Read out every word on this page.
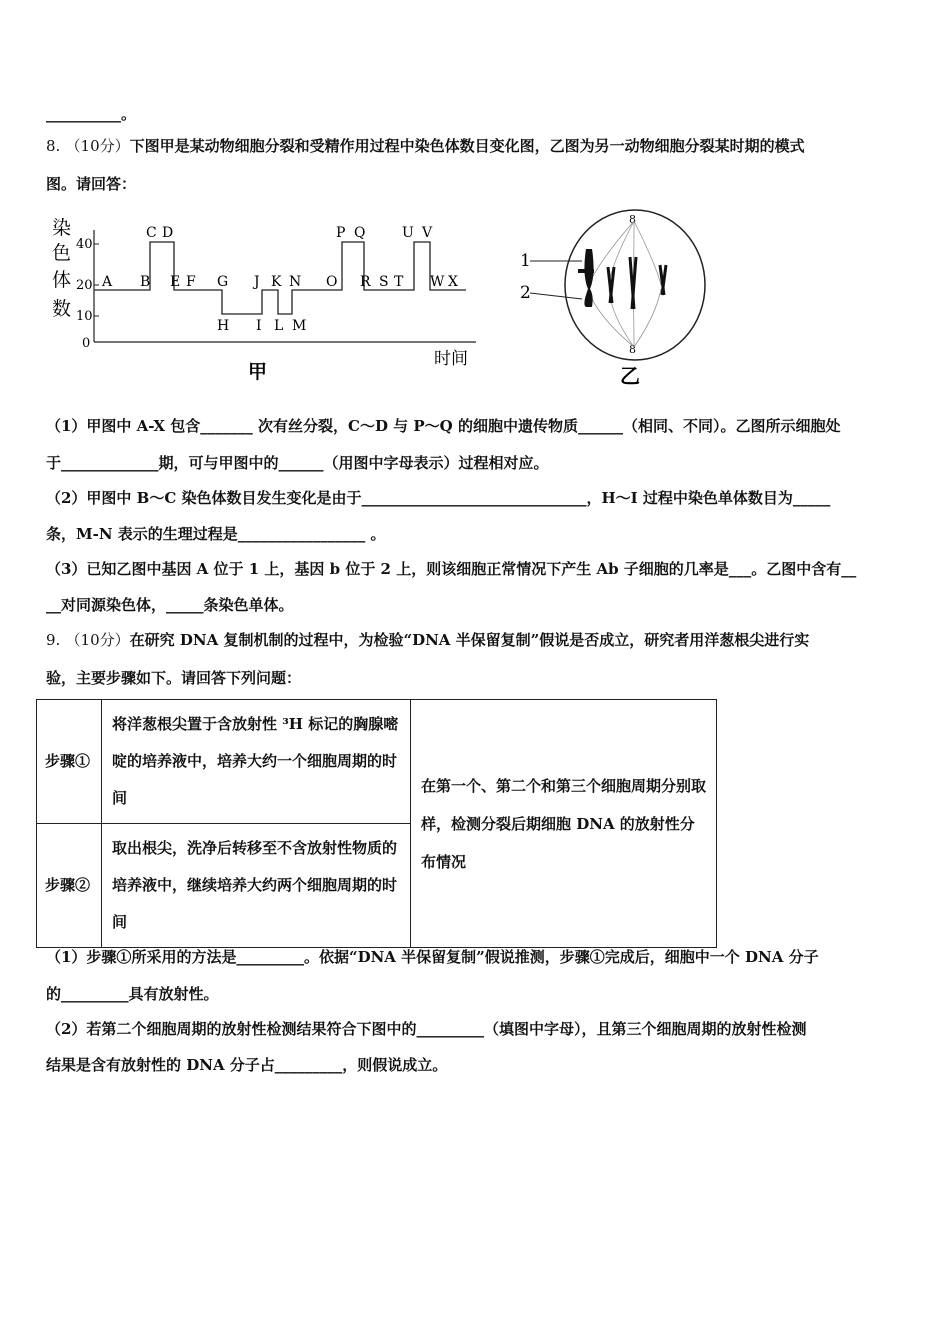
__________。
8. （10分）下图甲是某动物细胞分裂和受精作用过程中染色体数目变化图，乙图为另一动物细胞分裂某时期的模式
图。请回答：
染
色
体
数
40
20
10
0
A B
C D
E F G
H I
J K
L M
N O
P Q
R S T
U V
W X
时间
甲
8
8
1
2
乙
（1）甲图中 A-X 包含_______ 次有丝分裂，C～D 与 P～Q 的细胞中遗传物质______（相同、不同）。乙图所示细胞处
于_____________期，可与甲图中的______（用图中字母表示）过程相对应。
（2）甲图中 B～C 染色体数目发生变化是由于______________________________，H～I 过程中染色单体数目为_____
条，M-N 表示的生理过程是_________________ 。
（3）已知乙图中基因 A 位于 1 上，基因 b 位于 2 上，则该细胞正常情况下产生 Ab 子细胞的几率是___。乙图中含有__
__对同源染色体，_____条染色单体。
9. （10分）在研究 DNA 复制机制的过程中，为检验“DNA 半保留复制”假说是否成立，研究者用洋葱根尖进行实
验，主要步骤如下。请回答下列问题：
步骤①	将洋葱根尖置于含放射性 ³H 标记的胸腺嘧啶的培养液中，培养大约一个细胞周期的时间	在第一个、第二个和第三个细胞周期分别取样，检测分裂后期细胞 DNA 的放射性分布情况
步骤②	取出根尖，洗净后转移至不含放射性物质的培养液中，继续培养大约两个细胞周期的时间	
（1）步骤①所采用的方法是_________。依据“DNA 半保留复制”假说推测，步骤①完成后，细胞中一个 DNA 分子
的_________具有放射性。
（2）若第二个细胞周期的放射性检测结果符合下图中的_________（填图中字母），且第三个细胞周期的放射性检测
结果是含有放射性的 DNA 分子占_________，则假说成立。
